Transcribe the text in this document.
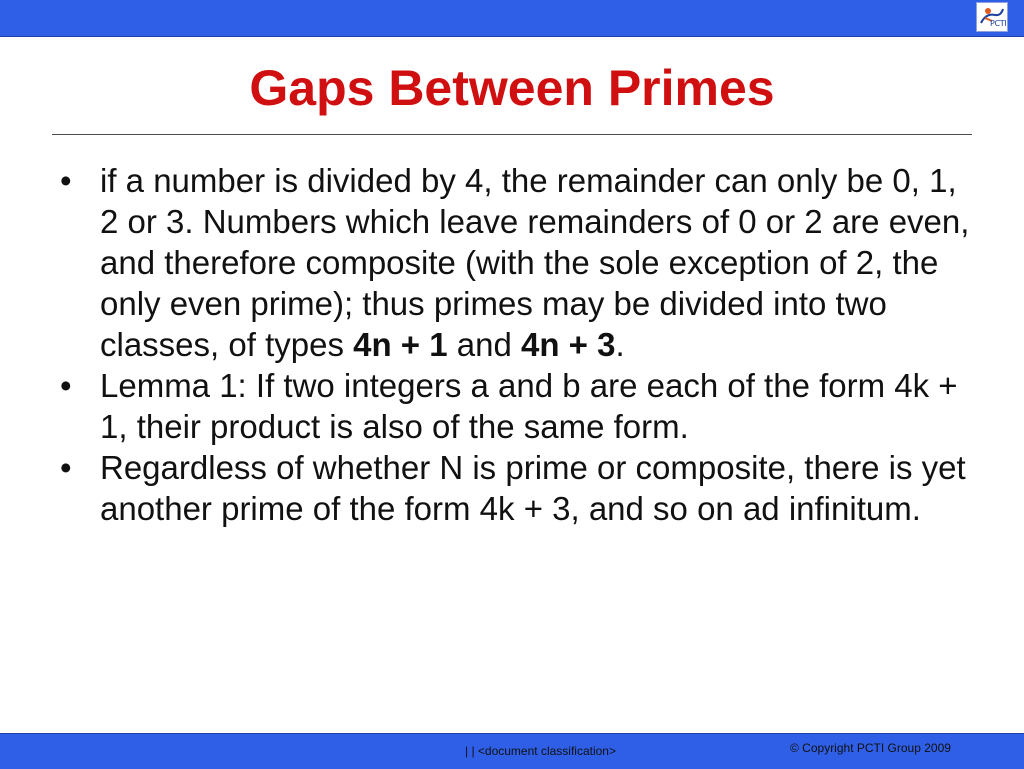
PCTI
Gaps Between Primes
• if a number is divided by 4, the remainder can only be 0, 1, 2 or 3. Numbers which leave remainders of 0 or 2 are even, and therefore composite (with the sole exception of 2, the only even prime); thus primes may be divided into two classes, of types 4n + 1 and 4n + 3.
• Lemma 1: If two integers a and b are each of the form 4k + 1, their product is also of the same form.
• Regardless of whether N is prime or composite, there is yet another prime of the form 4k + 3, and so on ad infinitum.
| | <document classification>	© Copyright PCTI Group 2009
